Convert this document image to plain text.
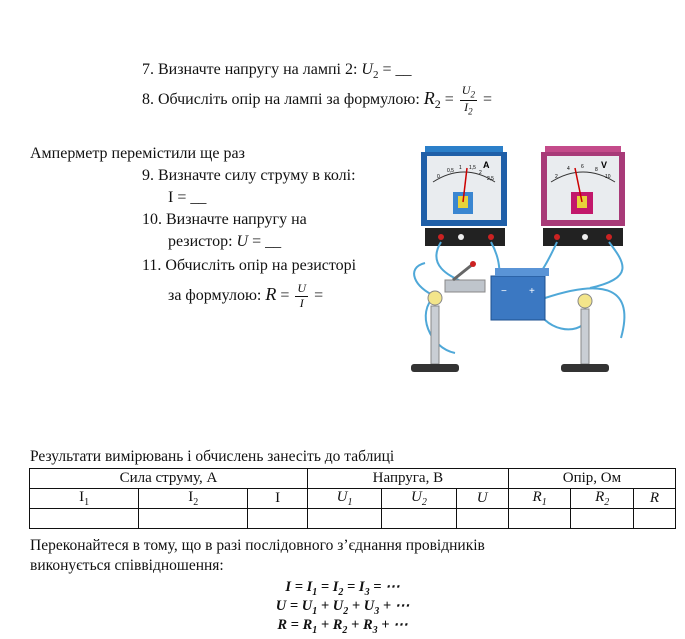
7. Визначте напругу на лампі 2: $U_2$ = __
8. Обчисліть опір на лампі за формулою: $R_2 = \frac{U_2}{I_2}$ =
Амперметр перемістили ще раз
9. Визначте силу струму в колі:
I = __
10. Визначте напругу на
резистор: U = __
11. Обчисліть опір на резисторі
за формулою: $R = \frac{U}{I}$ =
A
0
0,5 1 1,5
2
2,5
V
2
4 6 8
10
− +
Результати вимірювань і обчислень занесіть до таблиці
Сила струму, А			Напруга, В			Опір, Ом		
$I_1$	$I_2$	I	$U_1$	$U_2$	U	$R_1$	$R_2$	R

Переконайтеся в тому, що в разі послідовного з’єднання провідників
виконується співвідношення:
$I = I_1 = I_2 = I_3$ = ⋯
$U = U_1 + U_2 + U_3$ + ⋯
$R = R_1 + R_2 + R_3$ + ⋯
